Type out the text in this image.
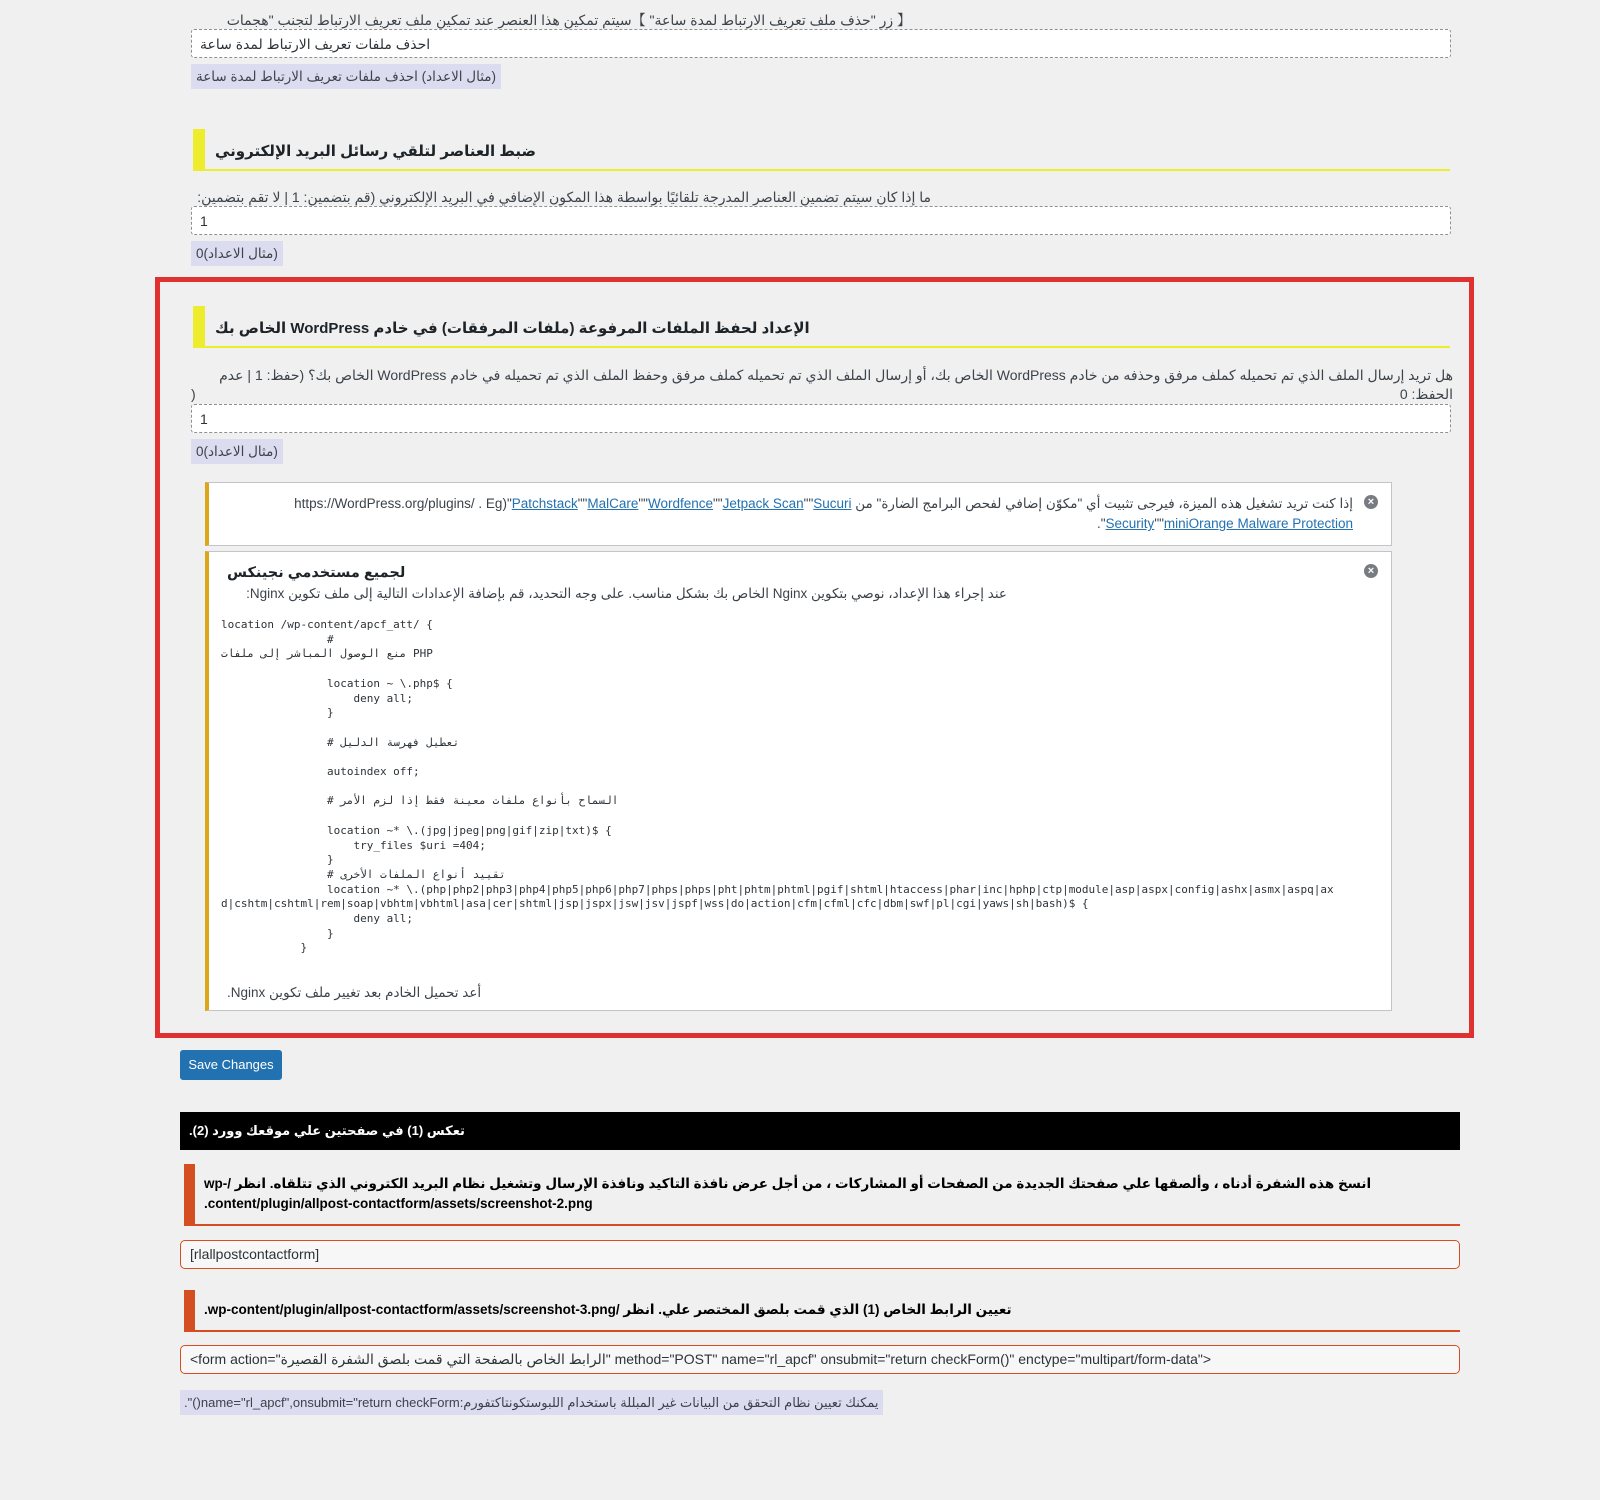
【 زر "حذف ملف تعريف الارتباط لمدة ساعة" 】سيتم تمكين هذا العنصر عند تمكين ملف تعريف الارتباط لتجنب "هجمات
احذف ملفات تعريف الارتباط لمدة ساعة
(مثال الاعداد) احذف ملفات تعريف الارتباط لمدة ساعة
ضبط العناصر لتلقي رسائل البريد الإلكتروني
ما إذا كان سيتم تضمين العناصر المدرجة تلقائيًا بواسطة هذا المكون الإضافي في البريد الإلكتروني (قم بتضمين: 1 | لا تقم بتضمين:
1
(مثال الاعداد)0
الإعداد لحفظ الملفات المرفوعة (ملفات المرفقات) في خادم WordPress الخاص بك
هل تريد إرسال الملف الذي تم تحميله كملف مرفق وحذفه من خادم WordPress الخاص بك، أو إرسال الملف الذي تم تحميله كملف مرفق وحفظ الملف الذي تم تحميله في خادم WordPress الخاص بك؟ (حفظ: 1 | عدم الحفظ: 0
)
1
(مثال الاعداد)0
إذا كنت تريد تشغيل هذه الميزة، فيرجى تثبيت أي "مكوّن إضافي لفحص البرامج الضارة" من https://WordPress.org/plugins/ . Eg)"Patchstack""MalCare""Wordfence""Jetpack Scan""Sucuri Security""miniOrange Malware Protection".
×
لجميع مستخدمي نجينكس
عند إجراء هذا الإعداد، نوصي بتكوين Nginx الخاص بك بشكل مناسب. على وجه التحديد، قم بإضافة الإعدادات التالية إلى ملف تكوين Nginx:
location /wp-content/apcf_att/ {
#
منع الوصول المباشر إلى ملفات PHP

location ~ \.php$ {
deny all;
}

# تعطيل فهرسة الدليل

autoindex off;

# السماح بأنواع ملفات معينة فقط إذا لزم الأمر

location ~* \.(jpg|jpeg|png|gif|zip|txt)$ {
try_files $uri =404;
}
# تقييد أنواع الملفات الأخرى
location ~* \.(php|php2|php3|php4|php5|php6|php7|phps|phps|pht|phtm|phtml|pgif|shtml|htaccess|phar|inc|hphp|ctp|module|asp|aspx|config|ashx|asmx|aspq|ax
d|cshtm|cshtml|rem|soap|vbhtm|vbhtml|asa|cer|shtml|jsp|jspx|jsw|jsv|jspf|wss|do|action|cfm|cfml|cfc|dbm|swf|pl|cgi|yaws|sh|bash)$ {
deny all;
}
}
أعد تحميل الخادم بعد تغيير ملف تكوين Nginx.
×
Save Changes
تعكس (1) في صفحتين علي موقعك وورد (2).
انسخ هذه الشفرة أدناه ، وألصقها علي صفحتك الجديدة من الصفحات أو المشاركات ، من أجل عرض نافذة التاكيد ونافذة الإرسال وتشغيل نظام البريد الكتروني الذي تتلقاه. انظر /wp-content/plugin/allpost-contactform/assets/screenshot-2.png.
[rlallpostcontactform]
تعيين الرابط الخاص (1) الذي قمت بلصق المختصر علي. انظر /wp-content/plugin/allpost-contactform/assets/screenshot-3.png.
<form action="الرابط الخاص بالصفحة التي قمت بلصق الشفرة القصيرة" method="POST" name="rl_apcf" onsubmit="return checkForm()" enctype="multipart/form-data">
يمكنك تعيين نظام التحقق من البيانات غير المبللة باستخدام اللبوستكونتاكتفورم:name="rl_apcf",onsubmit="return checkForm()".
